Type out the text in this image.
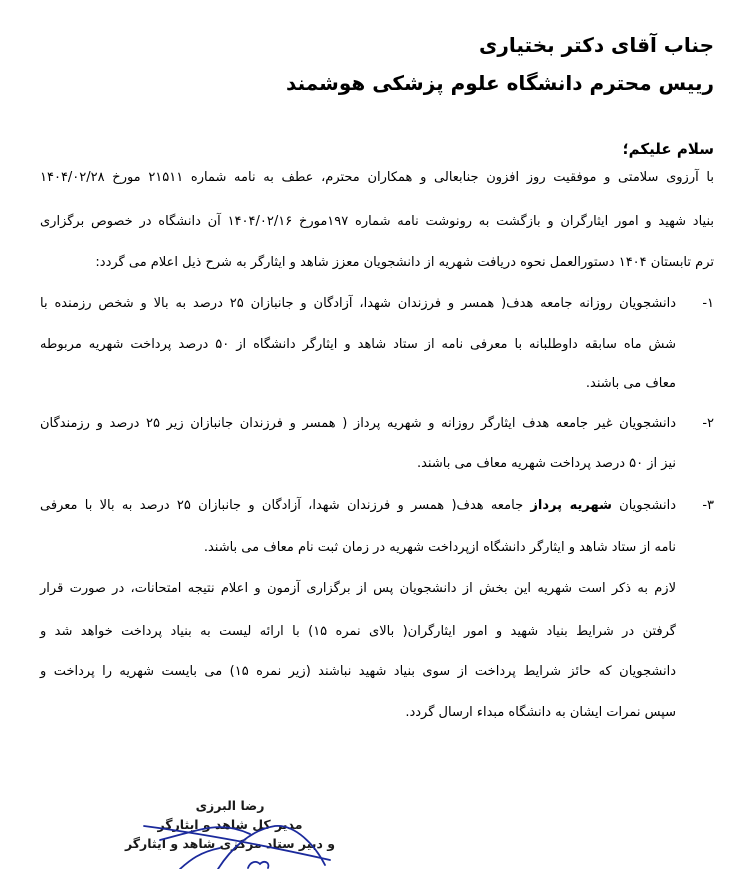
جناب آقای دکتر بختیاری
رییس محترم دانشگاه علوم پزشکی هوشمند
سلام علیکم؛
با آرزوی سلامتی و موفقیت روز افزون جنابعالی و همکاران محترم، عطف به نامه شماره ۲۱۵۱۱ مورخ ۱۴۰۴/۰۲/۲۸
بنیاد شهید و امور ایثارگران و بازگشت به رونوشت نامه شماره ۱۹۷مورخ ۱۴۰۴/۰۲/۱۶ آن دانشگاه در خصوص برگزاری
ترم تابستان ۱۴۰۴ دستورالعمل نحوه دریافت شهریه از دانشجویان معزز شاهد و ایثارگر به شرح ذیل اعلام می گردد:
۱-دانشجویان روزانه جامعه هدف( همسر و فرزندان شهدا، آزادگان و جانبازان ۲۵ درصد به بالا و شخص رزمنده با
شش ماه سابقه داوطلبانه با معرفی نامه از ستاد شاهد و ایثارگر دانشگاه از ۵۰ درصد پرداخت شهریه مربوطه
معاف می باشند.
۲-دانشجویان غیر جامعه هدف ایثارگر روزانه و شهریه پرداز ( همسر و فرزندان جانبازان زیر ۲۵ درصد و رزمندگان
نیز از ۵۰ درصد پرداخت شهریه معاف می باشند.
۳-دانشجویان شهریه پرداز جامعه هدف( همسر و فرزندان شهدا، آزادگان و جانبازان ۲۵ درصد به بالا با معرفی
نامه از ستاد شاهد و ایثارگر دانشگاه ازپرداخت شهریه در زمان ثبت نام معاف می باشند.
لازم به ذکر است شهریه این بخش از دانشجویان پس از برگزاری آزمون و اعلام نتیجه امتحانات، در صورت قرار
گرفتن در شرایط بنیاد شهید و امور ایثارگران( بالای نمره ۱۵) با ارائه لیست به بنیاد پرداخت خواهد شد و
دانشجویان که حائز شرایط پرداخت از سوی بنیاد شهید نباشند (زیر نمره ۱۵) می بایست شهریه را پرداخت و
سپس نمرات ایشان به دانشگاه مبداء ارسال گردد.
رضا البرزی
مدیر کل شاهد و ایثارگر
و دبیر ستاد مرکزی شاهد و ایثارگر
